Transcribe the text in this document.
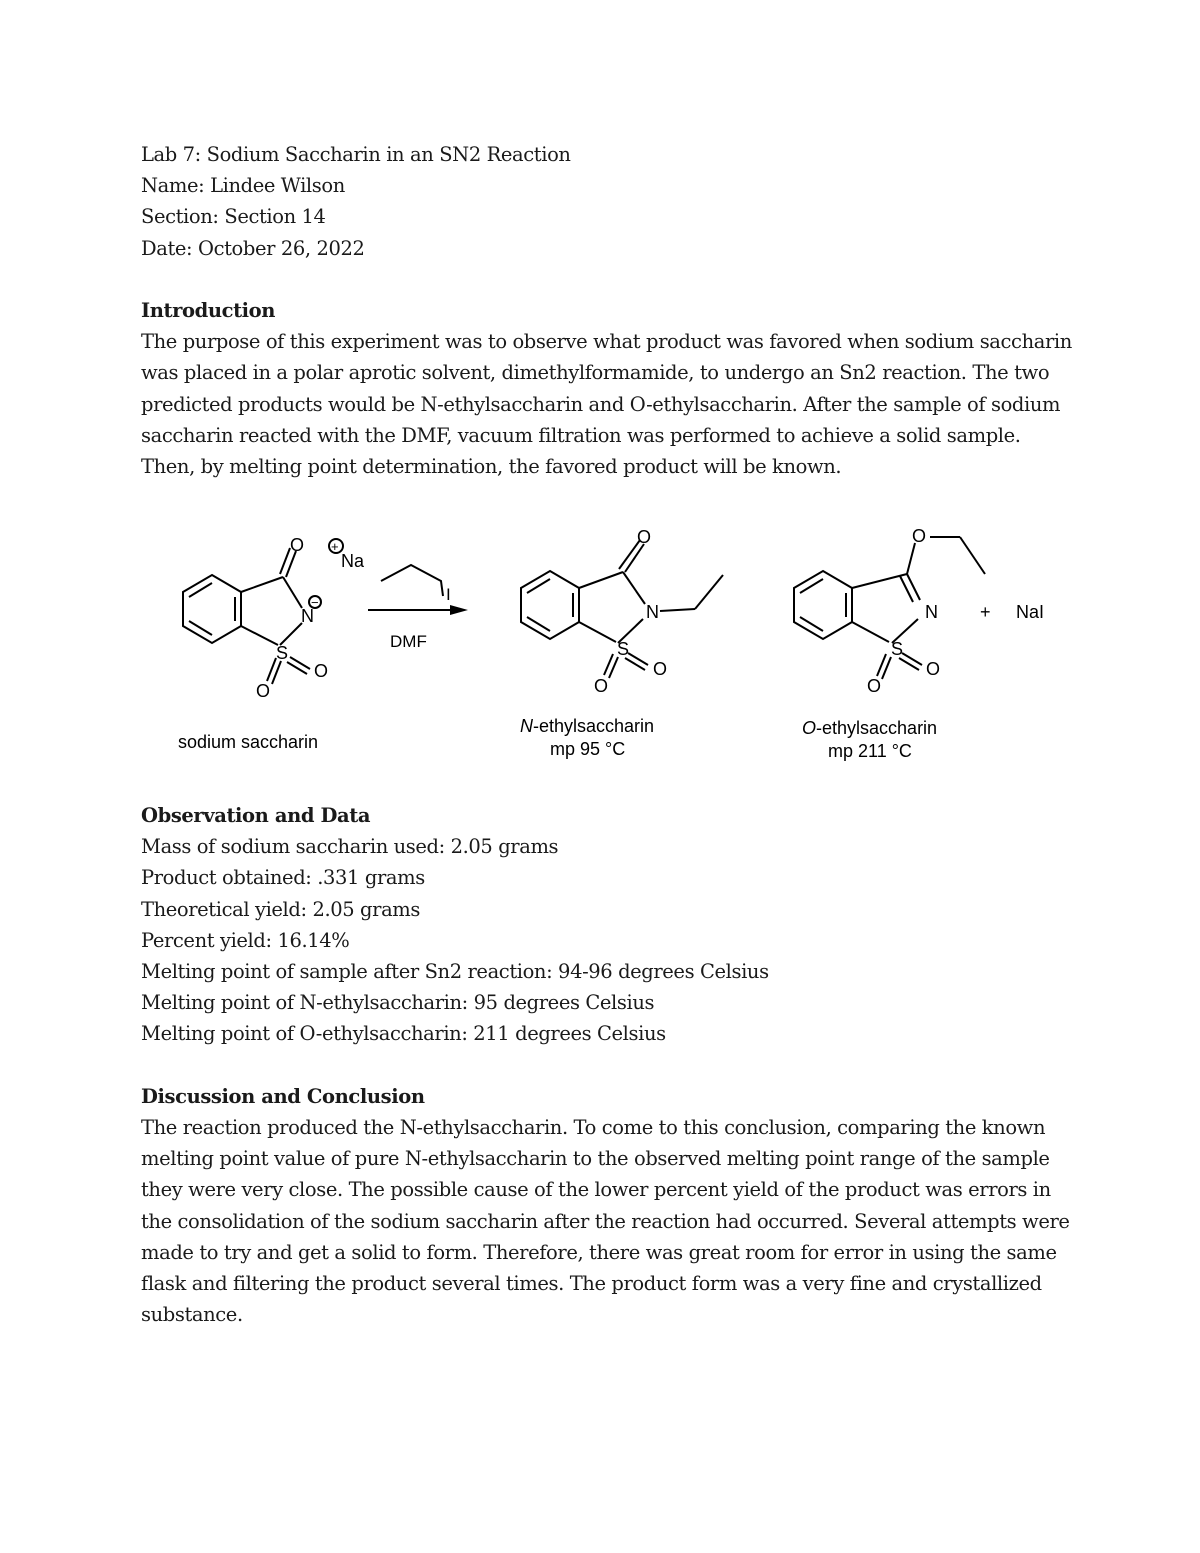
Lab 7: Sodium Saccharin in an SN2 Reaction
Name: Lindee Wilson
Section: Section 14
Date: October 26, 2022
Introduction
The purpose of this experiment was to observe what product was favored when sodium saccharin
was placed in a polar aprotic solvent, dimethylformamide, to undergo an Sn2 reaction. The two
predicted products would be N-ethylsaccharin and O-ethylsaccharin. After the sample of sodium
saccharin reacted with the DMF, vacuum filtration was performed to achieve a solid sample.
Then, by melting point determination, the favored product will be known.
O
N
S
O
O
+
−
Na
sodium saccharin
I
DMF
O
N
S
O
O
N-ethylsaccharin
mp 95 °C
O
N
S
O
O
+ NaI
O-ethylsaccharin
mp 211 °C
Observation and Data
Mass of sodium saccharin used: 2.05 grams
Product obtained: .331 grams
Theoretical yield: 2.05 grams
Percent yield: 16.14%
Melting point of sample after Sn2 reaction: 94-96 degrees Celsius
Melting point of N-ethylsaccharin: 95 degrees Celsius
Melting point of O-ethylsaccharin: 211 degrees Celsius
Discussion and Conclusion
The reaction produced the N-ethylsaccharin. To come to this conclusion, comparing the known
melting point value of pure N-ethylsaccharin to the observed melting point range of the sample
they were very close. The possible cause of the lower percent yield of the product was errors in
the consolidation of the sodium saccharin after the reaction had occurred. Several attempts were
made to try and get a solid to form. Therefore, there was great room for error in using the same
flask and filtering the product several times. The product form was a very fine and crystallized
substance.
